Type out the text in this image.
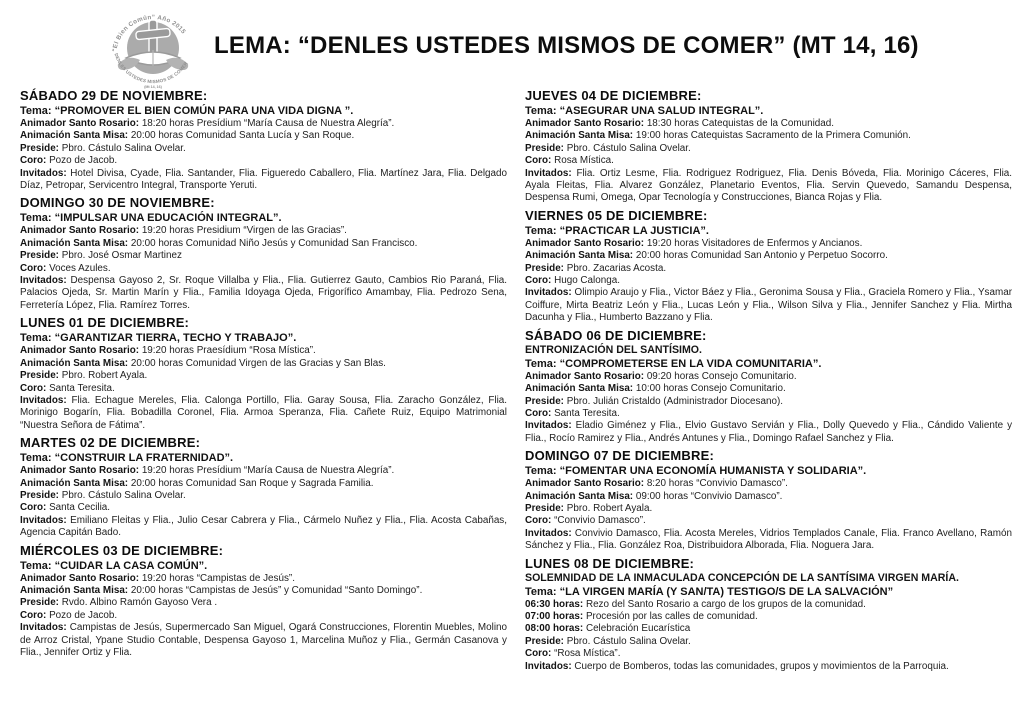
“El Bien Común” Año 2015
DENLES USTEDES MISMOS DE COMER
(Mt 14, 16)
LEMA: “DENLES USTEDES MISMOS DE COMER” (MT 14, 16)
SÁBADO 29 DE NOVIEMBRE:

Tema: “PROMOVER EL BIEN COMÚN PARA UNA VIDA DIGNA ”.

Animador Santo Rosario: 18:20 horas Presídium “María Causa de Nuestra Alegría”.

Animación Santa Misa: 20:00 horas Comunidad Santa Lucía y San Roque.

Preside: Pbro. Cástulo Salina Ovelar.

Coro: Pozo de Jacob.

Invitados: Hotel Divisa, Cyade, Flia. Santander, Flia. Figueredo Caballero, Flia. Martínez Jara, Flia. Delgado Díaz, Petropar, Servicentro Integral, Transporte Yeruti.

DOMINGO 30 DE NOVIEMBRE:

Tema: “IMPULSAR UNA EDUCACIÓN INTEGRAL”.

Animador Santo Rosario: 19:20 horas Presidium “Virgen de las Gracias”.

Animación Santa Misa: 20:00 horas Comunidad Niño Jesús y Comunidad San Francisco.

Preside: Pbro. José Osmar Martinez

Coro: Voces Azules.

Invitados: Despensa Gayoso 2, Sr. Roque Villalba y Flia., Flia. Gutierrez Gauto, Cambios Rio Paraná, Flia. Palacios Ojeda, Sr. Martin Marín y Flia., Familia Idoyaga Ojeda, Frigorífico Amambay, Flia. Pedrozo Sena, Ferretería López, Flia. Ramírez Torres.

LUNES 01 DE DICIEMBRE:

Tema: “GARANTIZAR TIERRA, TECHO Y TRABAJO”.

Animador Santo Rosario: 19:20 horas Praesídium “Rosa Mística”.

Animación Santa Misa: 20:00 horas Comunidad Virgen de las Gracias y San Blas.

Preside: Pbro. Robert Ayala.

Coro: Santa Teresita.

Invitados: Flia. Echague Mereles, Flia. Calonga Portillo, Flia. Garay Sousa, Flia. Zaracho González, Flia. Morinigo Bogarín, Flia. Bobadilla Coronel, Flia. Armoa Speranza, Flia. Cañete Ruiz, Equipo Matrimonial “Nuestra Señora de Fátima”.

MARTES 02 DE DICIEMBRE:

Tema: “CONSTRUIR LA FRATERNIDAD”.

Animador Santo Rosario: 19:20 horas Presídium “María Causa de Nuestra Alegría”.

Animación Santa Misa: 20:00 horas Comunidad San Roque y Sagrada Familia.

Preside: Pbro. Cástulo Salina Ovelar.

Coro: Santa Cecilia.

Invitados: Emiliano Fleitas y Flia., Julio Cesar Cabrera y Flia., Cármelo Nuñez y Flia., Flia. Acosta Cabañas, Agencia Capitán Bado.

MIÉRCOLES 03 DE DICIEMBRE:

Tema: “CUIDAR LA CASA COMÚN”.

Animador Santo Rosario: 19:20 horas “Campistas de Jesús”.

Animación Santa Misa: 20:00 horas “Campistas de Jesús” y Comunidad “Santo Domingo”.

Preside: Rvdo. Albino Ramón Gayoso Vera .

Coro: Pozo de Jacob.

Invitados: Campistas de Jesús, Supermercado San Miguel, Ogará Construcciones, Florentin Muebles, Molino de Arroz Cristal, Ypane Studio Contable, Despensa Gayoso 1, Marcelina Muñoz y Flia., Germán Casanova y Flia., Jennifer Ortiz y Flia.

JUEVES 04 DE DICIEMBRE:

Tema: “ASEGURAR UNA SALUD INTEGRAL”.

Animador Santo Rosario: 18:30 horas Catequistas de la Comunidad.

Animación Santa Misa: 19:00 horas Catequistas Sacramento de la Primera Comunión.

Preside: Pbro. Cástulo Salina Ovelar.

Coro: Rosa Mística.

Invitados: Flia. Ortiz Lesme, Flia. Rodriguez Rodriguez, Flia. Denis Bóveda, Flia. Morinigo Cáceres, Flia. Ayala Fleitas, Flia. Alvarez González, Planetario Eventos, Flia. Servin Quevedo, Samandu Despensa, Despensa Rumi, Omega, Opar Tecnología y Construcciones, Bianca Rojas y Flia.

VIERNES 05 DE DICIEMBRE:

Tema: “PRACTICAR LA JUSTICIA”.

Animador Santo Rosario: 19:20 horas Visitadores de Enfermos y Ancianos.

Animación Santa Misa: 20:00 horas Comunidad San Antonio y Perpetuo Socorro.

Preside: Pbro. Zacarias Acosta.

Coro: Hugo Calonga.

Invitados: Olimpio Araujo y Flia., Victor Báez y Flia., Geronima Sousa y Flia., Graciela Romero y Flia., Ysamar Coiffure, Mirta Beatriz León y Flia., Lucas León y Flia., Wilson Silva y Flia., Jennifer Sanchez y Flia. Mirtha Dacunha y Flia., Humberto Bazzano y Flia.

SÁBADO 06 DE DICIEMBRE:

ENTRONIZACIÓN DEL SANTÍSIMO.

Tema: “COMPROMETERSE EN LA VIDA COMUNITARIA”.

Animador Santo Rosario: 09:20 horas Consejo Comunitario.

Animación Santa Misa: 10:00 horas Consejo Comunitario.

Preside: Pbro. Julián Cristaldo (Administrador Diocesano).

Coro: Santa Teresita.

Invitados: Eladio Giménez y Flia., Elvio Gustavo Servián y Flia., Dolly Quevedo y Flia., Cándido Valiente y Flia., Rocío Ramirez y Flia., Andrés Antunes y Flia., Domingo Rafael Sanchez y Flia.

DOMINGO 07 DE DICIEMBRE:

Tema: “FOMENTAR UNA ECONOMÍA HUMANISTA Y SOLIDARIA”.

Animador Santo Rosario: 8:20 horas “Convivio Damasco”.

Animación Santa Misa: 09:00 horas “Convivio Damasco”.

Preside: Pbro. Robert Ayala.

Coro: “Convivio Damasco”.

Invitados: Convivio Damasco, Flia. Acosta Mereles, Vidrios Templados Canale, Flia. Franco Avellano, Ramón Sánchez y Flia., Flia. González Roa, Distribuidora Alborada, Flia. Noguera Jara.

LUNES 08 DE DICIEMBRE:

SOLEMNIDAD DE LA INMACULADA CONCEPCIÓN DE LA SANTÍSIMA VIRGEN MARÍA.

Tema: “LA VIRGEN MARÍA (Y SAN/TA) TESTIGO/S DE LA SALVACIÓN”

06:30 horas: Rezo del Santo Rosario a cargo de los grupos de la comunidad.

07:00 horas: Procesión por las calles de comunidad.

08:00 horas: Celebración Eucarística

Preside: Pbro. Cástulo Salina Ovelar.

Coro: “Rosa Mística”.

Invitados: Cuerpo de Bomberos, todas las comunidades, grupos y movimientos de la Parroquia.
